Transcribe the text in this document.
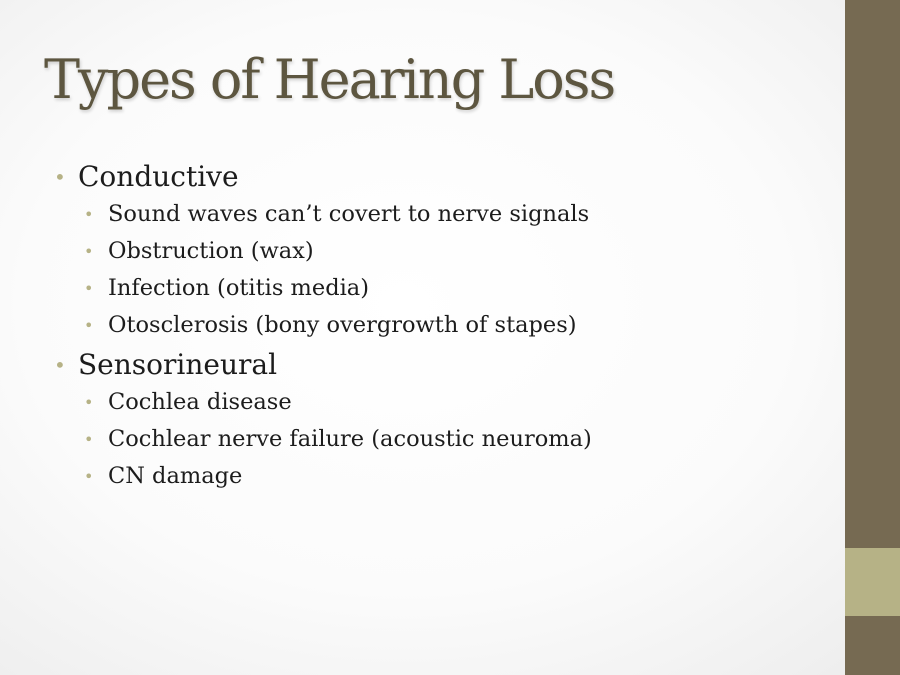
Types of Hearing Loss
• Conductive
• Sound waves can’t covert to nerve signals
• Obstruction (wax)
• Infection (otitis media)
• Otosclerosis (bony overgrowth of stapes)
• Sensorineural
• Cochlea disease
• Cochlear nerve failure (acoustic neuroma)
• CN damage
